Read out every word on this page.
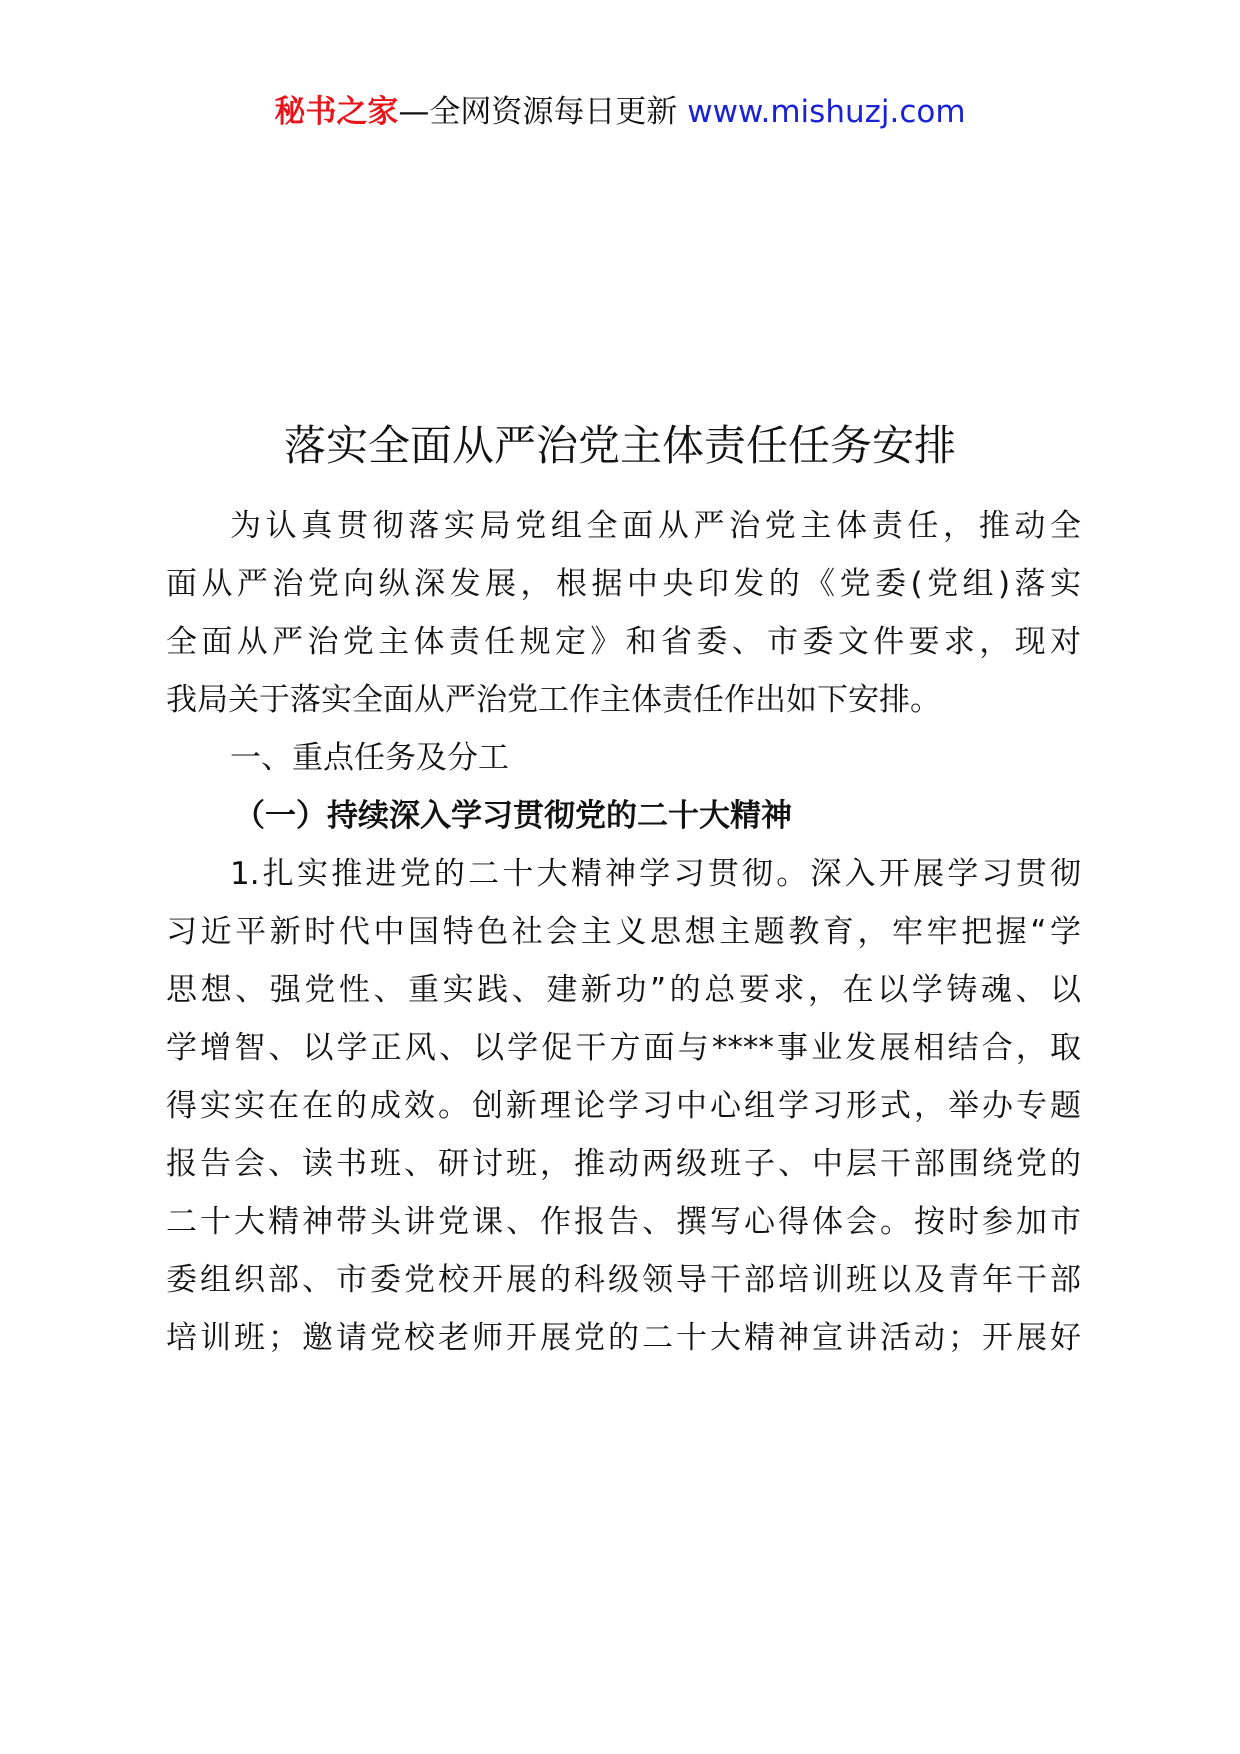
秘书之家—全网资源每日更新 www.mishuzj.com
落实全面从严治党主体责任任务安排
为认真贯彻落实局党组全面从严治党主体责任，推动全
面从严治党向纵深发展，根据中央印发的《党委(党组)落实
全面从严治党主体责任规定》和省委、市委文件要求，现对
我局关于落实全面从严治党工作主体责任作出如下安排。
一、重点任务及分工
（一）持续深入学习贯彻党的二十大精神
1.扎实推进党的二十大精神学习贯彻。深入开展学习贯彻
习近平新时代中国特色社会主义思想主题教育，牢牢把握“学
思想、强党性、重实践、建新功”的总要求，在以学铸魂、以
学增智、以学正风、以学促干方面与****事业发展相结合，取
得实实在在的成效。创新理论学习中心组学习形式，举办专题
报告会、读书班、研讨班，推动两级班子、中层干部围绕党的
二十大精神带头讲党课、作报告、撰写心得体会。按时参加市
委组织部、市委党校开展的科级领导干部培训班以及青年干部
培训班；邀请党校老师开展党的二十大精神宣讲活动；开展好
